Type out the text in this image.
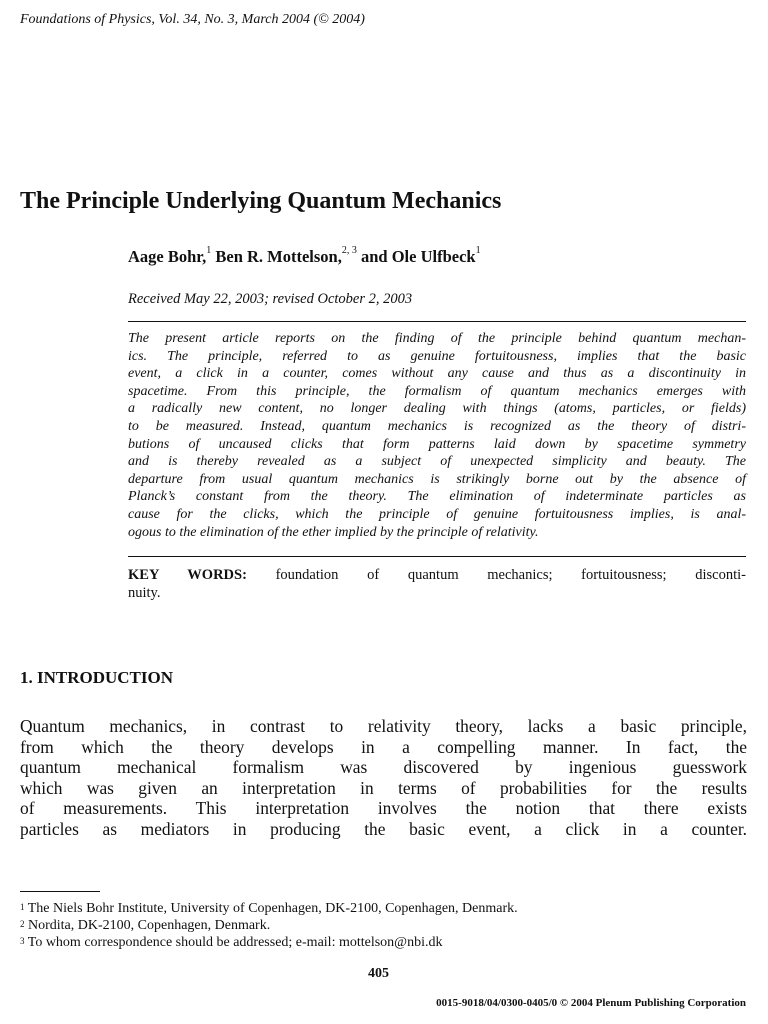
Foundations of Physics, Vol. 34, No. 3, March 2004 (© 2004)
The Principle Underlying Quantum Mechanics
Aage Bohr,$^1$ Ben R. Mottelson,$^{2, 3}$ and Ole Ulfbeck$^1$
Received May 22, 2003; revised October 2, 2003
The present article reports on the finding of the principle behind quantum mechan-
ics. The principle, referred to as genuine fortuitousness, implies that the basic
event, a click in a counter, comes without any cause and thus as a discontinuity in
spacetime. From this principle, the formalism of quantum mechanics emerges with
a radically new content, no longer dealing with things (atoms, particles, or fields)
to be measured. Instead, quantum mechanics is recognized as the theory of distri-
butions of uncaused clicks that form patterns laid down by spacetime symmetry
and is thereby revealed as a subject of unexpected simplicity and beauty. The
departure from usual quantum mechanics is strikingly borne out by the absence of
Planck’s constant from the theory. The elimination of indeterminate particles as
cause for the clicks, which the principle of genuine fortuitousness implies, is anal-
ogous to the elimination of the ether implied by the principle of relativity.
KEY WORDS: foundation of quantum mechanics; fortuitousness; disconti-
nuity.
1. INTRODUCTION
Quantum mechanics, in contrast to relativity theory, lacks a basic principle,
from which the theory develops in a compelling manner. In fact, the
quantum mechanical formalism was discovered by ingenious guesswork
which was given an interpretation in terms of probabilities for the results
of measurements. This interpretation involves the notion that there exists
particles as mediators in producing the basic event, a click in a counter.
$^1$ The Niels Bohr Institute, University of Copenhagen, DK-2100, Copenhagen, Denmark.
$^2$ Nordita, DK-2100, Copenhagen, Denmark.
$^3$ To whom correspondence should be addressed; e-mail: mottelson@nbi.dk
405
0015-9018/04/0300-0405/0 © 2004 Plenum Publishing Corporation
